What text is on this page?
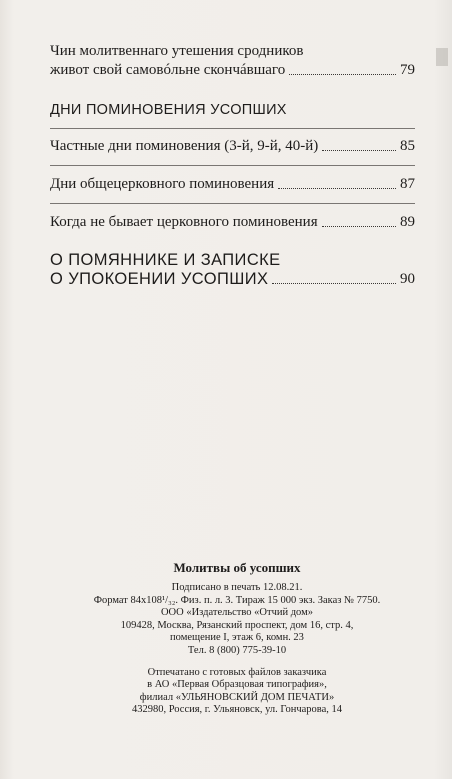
Чин молитвеннаго утешения сродников
живот свой самовóльне скончáвшаго	79
ДНИ ПОМИНОВЕНИЯ УСОПШИХ
Частные дни поминовения (3-й, 9-й, 40-й)	85
Дни общецерковного поминовения	87
Когда не бывает церковного поминовения	89
О ПОМЯННИКЕ И ЗАПИСКЕ
О УПОКОЕНИИ УСОПШИХ	90
Молитвы об усопших
Подписано в печать 12.08.21.
Формат 84х108¹/₃₂. Физ. п. л. 3. Тираж 15 000 экз. Заказ № 7750.
ООО «Издательство «Отчий дом»
109428, Москва, Рязанский проспект, дом 16, стр. 4,
помещение I, этаж 6, комн. 23
Тел. 8 (800) 775-39-10
Отпечатано с готовых файлов заказчика
в АО «Первая Образцовая типография»,
филиал «УЛЬЯНОВСКИЙ ДОМ ПЕЧАТИ»
432980, Россия, г. Ульяновск, ул. Гончарова, 14
